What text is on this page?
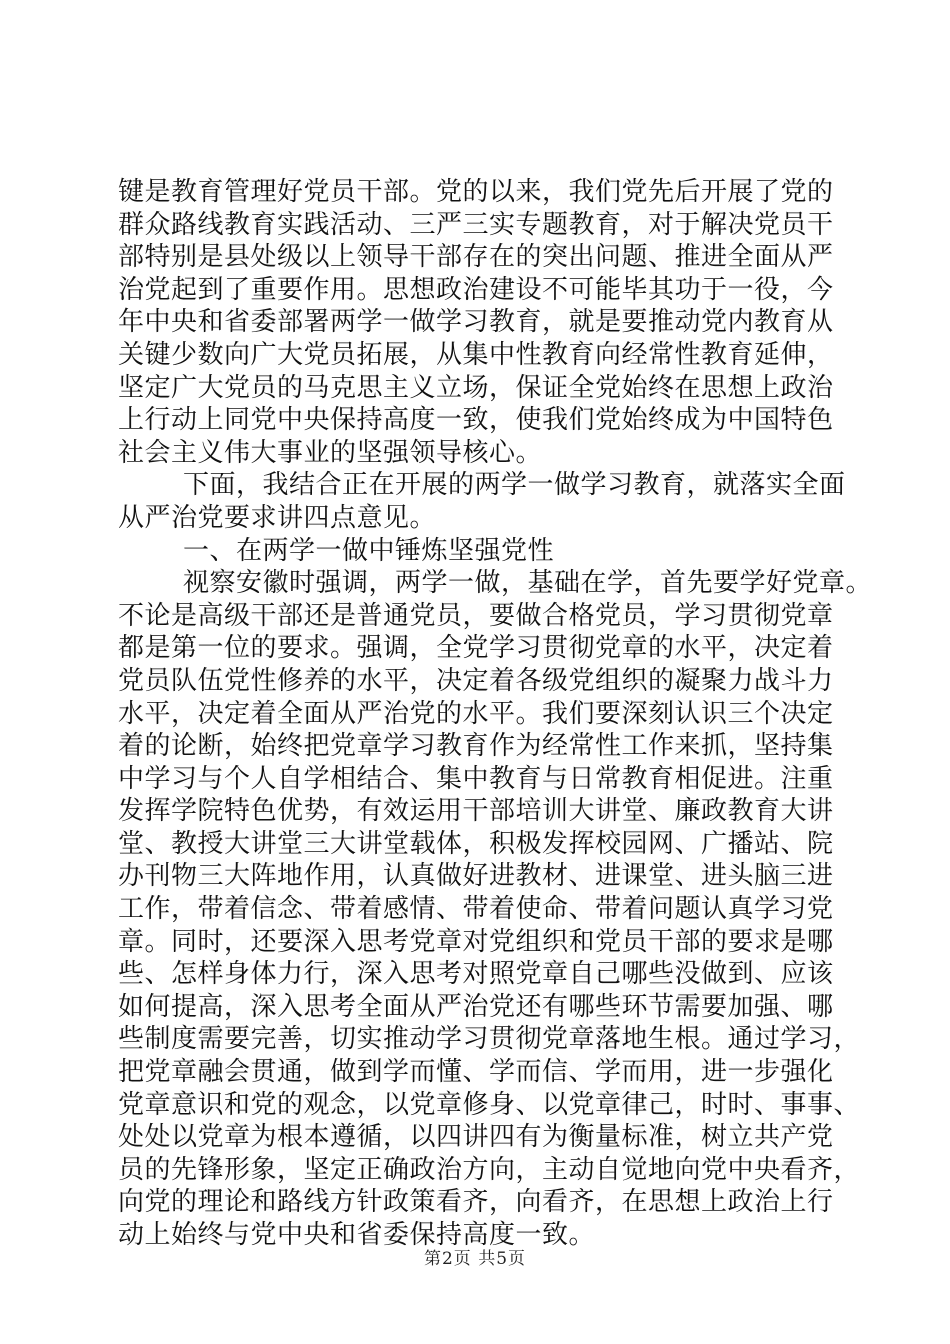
键是教育管理好党员干部。党的以来，我们党先后开展了党的
群众路线教育实践活动、三严三实专题教育，对于解决党员干
部特别是县处级以上领导干部存在的突出问题、推进全面从严
治党起到了重要作用。思想政治建设不可能毕其功于一役，今
年中央和省委部署两学一做学习教育，就是要推动党内教育从
关键少数向广大党员拓展，从集中性教育向经常性教育延伸，
坚定广大党员的马克思主义立场，保证全党始终在思想上政治
上行动上同党中央保持高度一致，使我们党始终成为中国特色
社会主义伟大事业的坚强领导核心。
下面，我结合正在开展的两学一做学习教育，就落实全面
从严治党要求讲四点意见。
一、在两学一做中锤炼坚强党性
视察安徽时强调，两学一做，基础在学，首先要学好党章。
不论是高级干部还是普通党员，要做合格党员，学习贯彻党章
都是第一位的要求。强调，全党学习贯彻党章的水平，决定着
党员队伍党性修养的水平，决定着各级党组织的凝聚力战斗力
水平，决定着全面从严治党的水平。我们要深刻认识三个决定
着的论断，始终把党章学习教育作为经常性工作来抓，坚持集
中学习与个人自学相结合、集中教育与日常教育相促进。注重
发挥学院特色优势，有效运用干部培训大讲堂、廉政教育大讲
堂、教授大讲堂三大讲堂载体，积极发挥校园网、广播站、院
办刊物三大阵地作用，认真做好进教材、进课堂、进头脑三进
工作，带着信念、带着感情、带着使命、带着问题认真学习党
章。同时，还要深入思考党章对党组织和党员干部的要求是哪
些、怎样身体力行，深入思考对照党章自己哪些没做到、应该
如何提高，深入思考全面从严治党还有哪些环节需要加强、哪
些制度需要完善，切实推动学习贯彻党章落地生根。通过学习，
把党章融会贯通，做到学而懂、学而信、学而用，进一步强化
党章意识和党的观念，以党章修身、以党章律己，时时、事事、
处处以党章为根本遵循，以四讲四有为衡量标准，树立共产党
员的先锋形象，坚定正确政治方向，主动自觉地向党中央看齐，
向党的理论和路线方针政策看齐，向看齐，在思想上政治上行
动上始终与党中央和省委保持高度一致。
第2页 共5页
